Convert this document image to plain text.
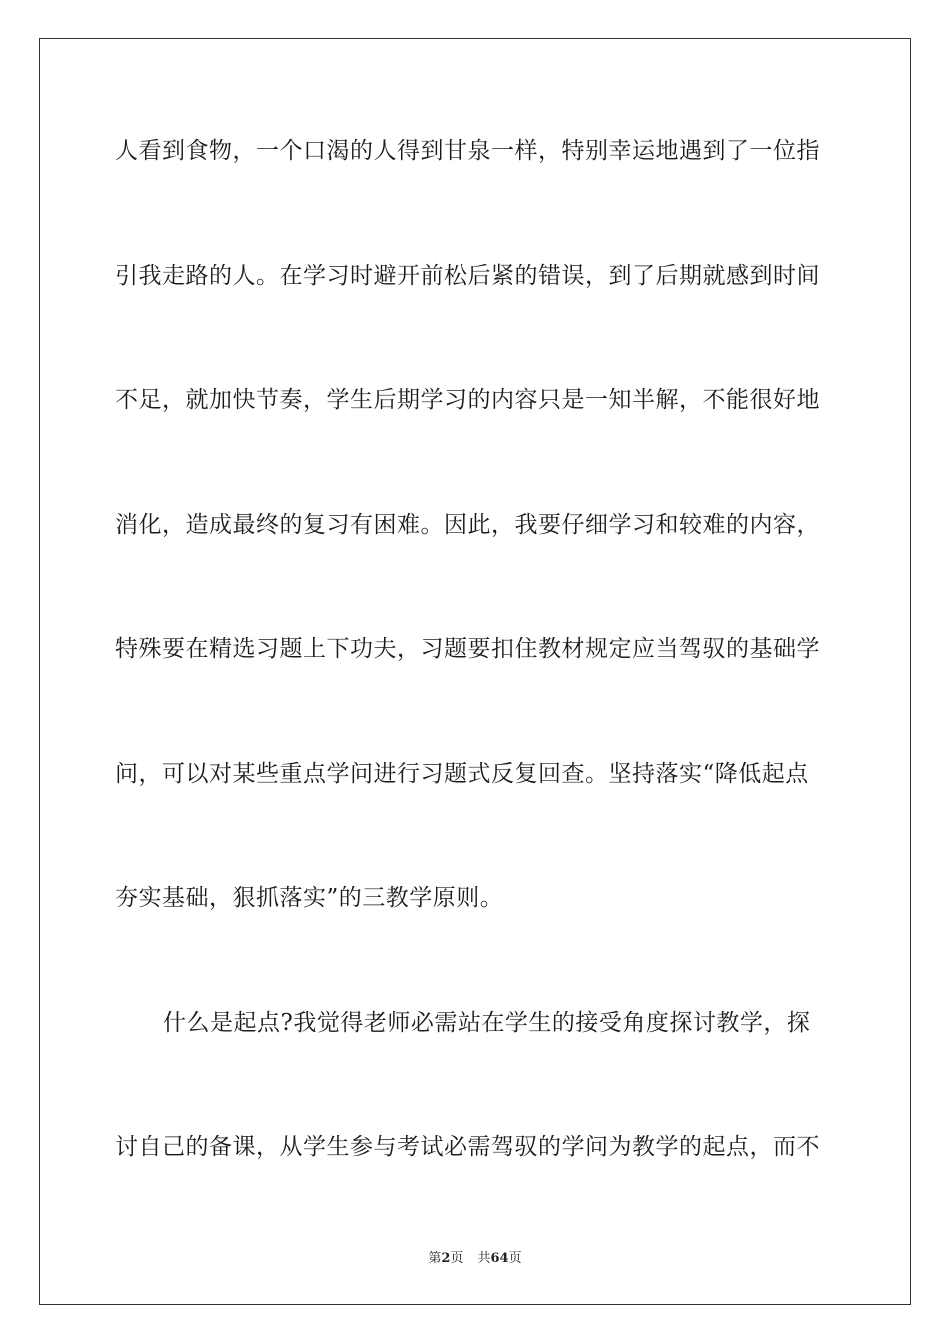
人看到食物，一个口渴的人得到甘泉一样，特别幸运地遇到了一位指
引我走路的人。在学习时避开前松后紧的错误，到了后期就感到时间
不足，就加快节奏，学生后期学习的内容只是一知半解，不能很好地
消化，造成最终的复习有困难。因此，我要仔细学习和较难的内容，
特殊要在精选习题上下功夫，习题要扣住教材规定应当驾驭的基础学
问，可以对某些重点学问进行习题式反复回查。坚持落实“降低起点
夯实基础，狠抓落实”的三教学原则。
什么是起点?我觉得老师必需站在学生的接受角度探讨教学，探
讨自己的备课，从学生参与考试必需驾驭的学问为教学的起点，而不
第2页 共64页
